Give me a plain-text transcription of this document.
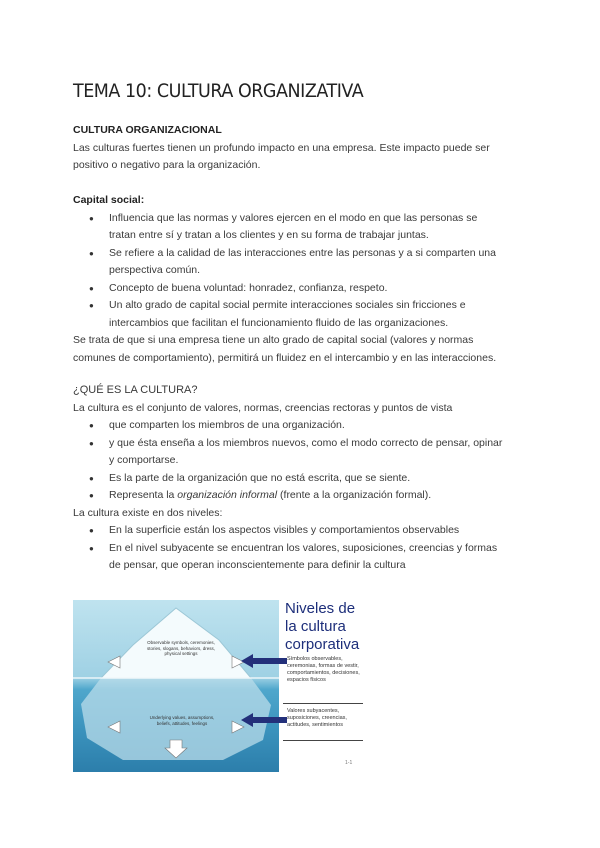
TEMA 10: CULTURA ORGANIZATIVA
CULTURA ORGANIZACIONAL
Las culturas fuertes tienen un profundo impacto en una empresa. Este impacto puede ser
positivo o negativo para la organización.
Capital social:
● Influencia que las normas y valores ejercen en el modo en que las personas se
tratan entre sí y tratan a los clientes y en su forma de trabajar juntas.
● Se refiere a la calidad de las interacciones entre las personas y a si comparten una
perspectiva común.
● Concepto de buena voluntad: honradez, confianza, respeto.
● Un alto grado de capital social permite interacciones sociales sin fricciones e
intercambios que facilitan el funcionamiento fluido de las organizaciones.
Se trata de que si una empresa tiene un alto grado de capital social (valores y normas
comunes de comportamiento), permitirá un fluidez en el intercambio y en las interacciones.
¿QUÉ ES LA CULTURA?
La cultura es el conjunto de valores, normas, creencias rectoras y puntos de vista
● que comparten los miembros de una organización.
● y que ésta enseña a los miembros nuevos, como el modo correcto de pensar, opinar
y comportarse.
● Es la parte de la organización que no está escrita, que se siente.
● Representa la organización informal (frente a la organización formal).
La cultura existe en dos niveles:
● En la superficie están los aspectos visibles y comportamientos observables
● En el nivel subyacente se encuentran los valores, suposiciones, creencias y formas
de pensar, que operan inconscientemente para definir la cultura
Observable symbols, ceremonies, stories, slogans, behaviors, dress, physical settings
Underlying values, assumptions, beliefs, attitudes, feelings
Niveles de
la cultura
corporativa
Símbolos observables, ceremonias, formas de vestir, comportamientos, decisiones, espacios físicos
Valores subyacentes, suposiciones, creencias, actitudes, sentimientos
1-1
